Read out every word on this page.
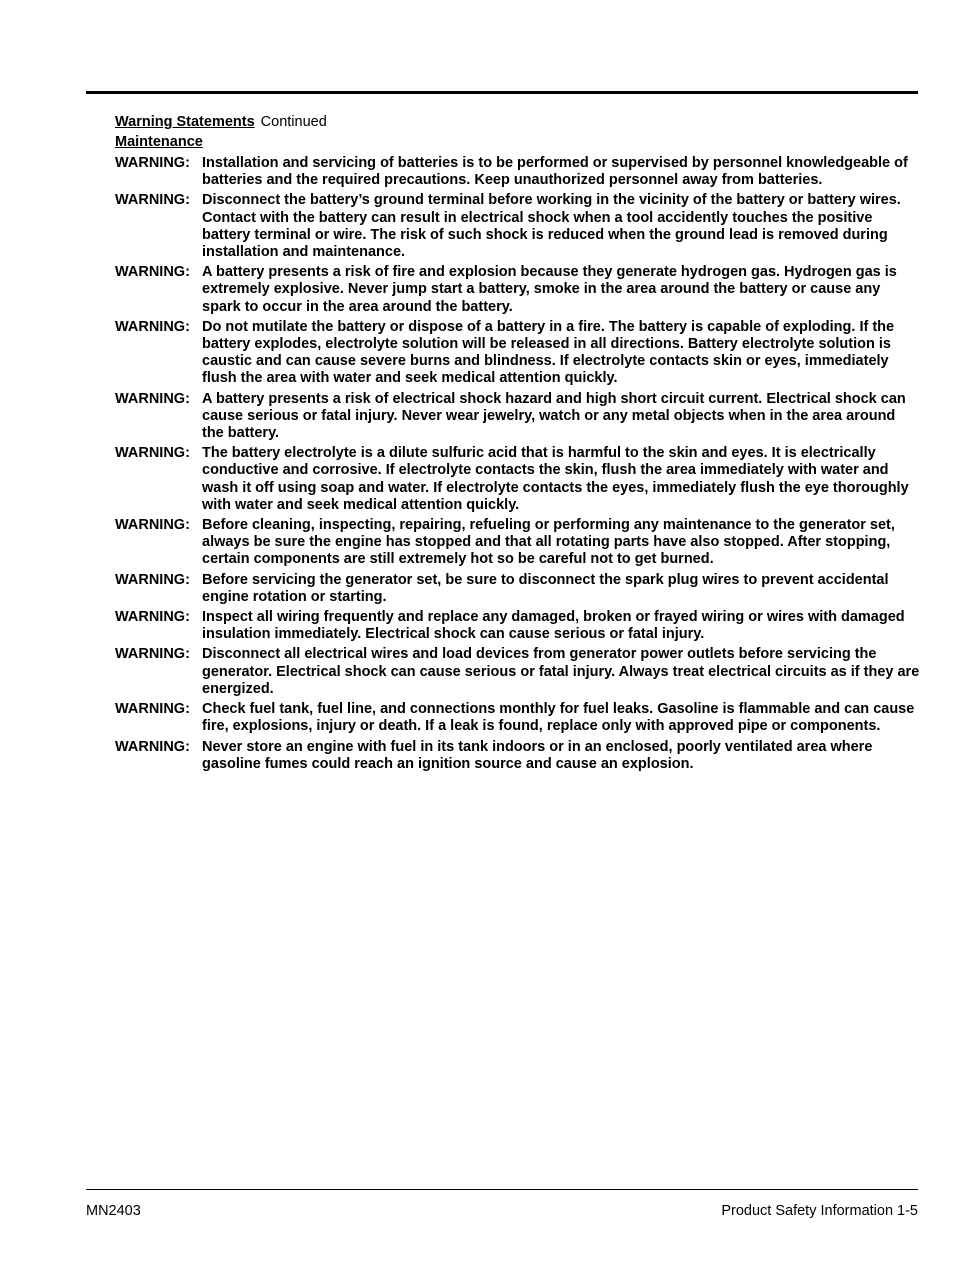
Warning Statements Continued
Maintenance
WARNING: Installation and servicing of batteries is to be performed or supervised by personnel knowledgeable of batteries and the required precautions. Keep unauthorized personnel away from batteries.
WARNING: Disconnect the battery’s ground terminal before working in the vicinity of the battery or battery wires. Contact with the battery can result in electrical shock when a tool accidently touches the positive battery terminal or wire. The risk of such shock is reduced when the ground lead is removed during installation and maintenance.
WARNING: A battery presents a risk of fire and explosion because they generate hydrogen gas. Hydrogen gas is extremely explosive. Never jump start a battery, smoke in the area around the battery or cause any spark to occur in the area around the battery.
WARNING: Do not mutilate the battery or dispose of a battery in a fire. The battery is capable of exploding. If the battery explodes, electrolyte solution will be released in all directions. Battery electrolyte solution is caustic and can cause severe burns and blindness. If electrolyte contacts skin or eyes, immediately flush the area with water and seek medical attention quickly.
WARNING: A battery presents a risk of electrical shock hazard and high short circuit current. Electrical shock can cause serious or fatal injury. Never wear jewelry, watch or any metal objects when in the area around the battery.
WARNING: The battery electrolyte is a dilute sulfuric acid that is harmful to the skin and eyes. It is electrically conductive and corrosive. If electrolyte contacts the skin, flush the area immediately with water and wash it off using soap and water. If electrolyte contacts the eyes, immediately flush the eye thoroughly with water and seek medical attention quickly.
WARNING: Before cleaning, inspecting, repairing, refueling or performing any maintenance to the generator set, always be sure the engine has stopped and that all rotating parts have also stopped. After stopping, certain components are still extremely hot so be careful not to get burned.
WARNING: Before servicing the generator set, be sure to disconnect the spark plug wires to prevent accidental engine rotation or starting.
WARNING: Inspect all wiring frequently and replace any damaged, broken or frayed wiring or wires with damaged insulation immediately. Electrical shock can cause serious or fatal injury.
WARNING: Disconnect all electrical wires and load devices from generator power outlets before servicing the generator. Electrical shock can cause serious or fatal injury. Always treat electrical circuits as if they are energized.
WARNING: Check fuel tank, fuel line, and connections monthly for fuel leaks. Gasoline is flammable and can cause fire, explosions, injury or death. If a leak is found, replace only with approved pipe or components.
WARNING: Never store an engine with fuel in its tank indoors or in an enclosed, poorly ventilated area where gasoline fumes could reach an ignition source and cause an explosion.
MN2403	Product Safety Information 1-5
